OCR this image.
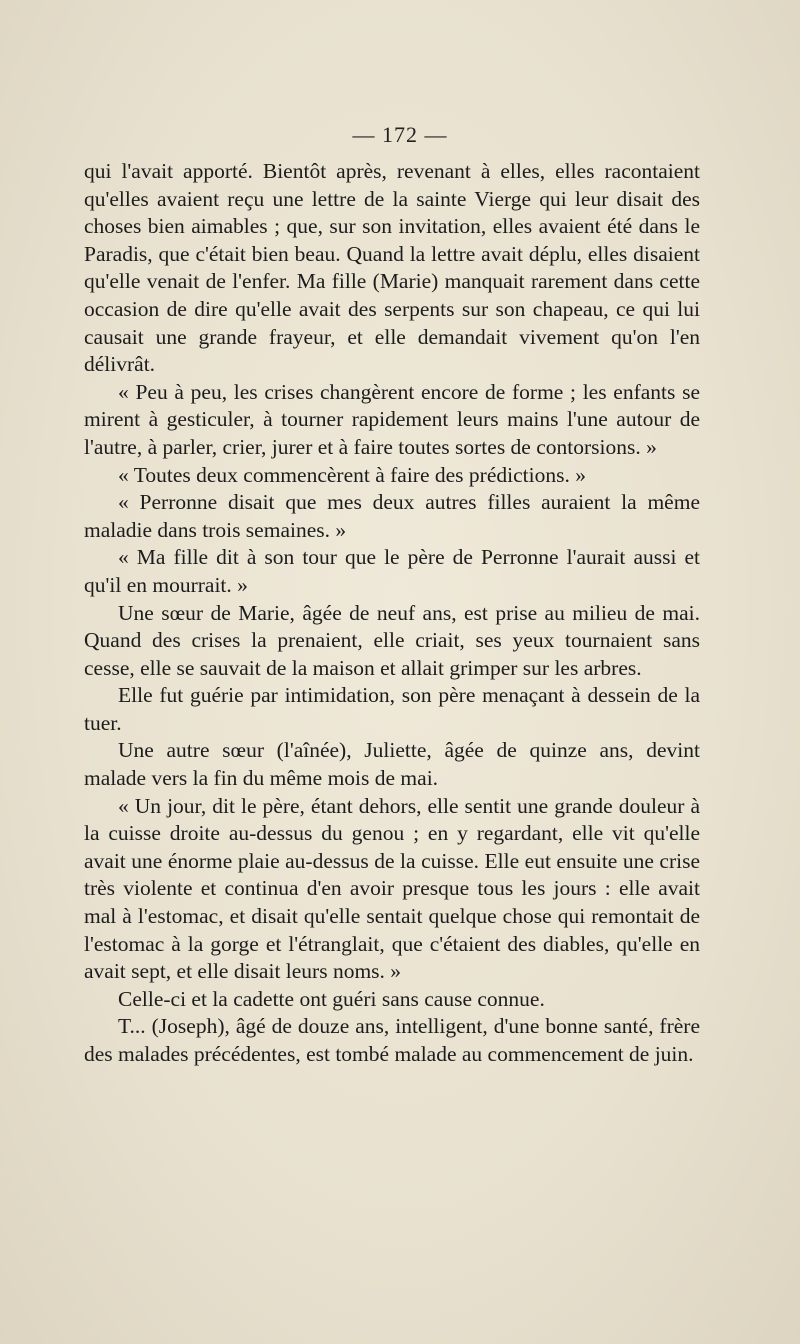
— 172 —

qui l'avait apporté. Bientôt après, revenant à elles, elles racontaient qu'elles avaient reçu une lettre de la sainte Vierge qui leur disait des choses bien aimables ; que, sur son invitation, elles avaient été dans le Paradis, que c'était bien beau. Quand la lettre avait déplu, elles disaient qu'elle venait de l'enfer. Ma fille (Marie) manquait rarement dans cette occasion de dire qu'elle avait des serpents sur son chapeau, ce qui lui causait une grande frayeur, et elle demandait vivement qu'on l'en délivrât.

« Peu à peu, les crises changèrent encore de forme ; les enfants se mirent à gesticuler, à tourner rapidement leurs mains l'une autour de l'autre, à parler, crier, jurer et à faire toutes sortes de contorsions. »

« Toutes deux commencèrent à faire des prédictions. »

« Perronne disait que mes deux autres filles auraient la même maladie dans trois semaines. »

« Ma fille dit à son tour que le père de Perronne l'aurait aussi et qu'il en mourrait. »

Une sœur de Marie, âgée de neuf ans, est prise au milieu de mai. Quand des crises la prenaient, elle criait, ses yeux tournaient sans cesse, elle se sauvait de la maison et allait grimper sur les arbres.

Elle fut guérie par intimidation, son père menaçant à dessein de la tuer.

Une autre sœur (l'aînée), Juliette, âgée de quinze ans, devint malade vers la fin du même mois de mai.

« Un jour, dit le père, étant dehors, elle sentit une grande douleur à la cuisse droite au-dessus du genou ; en y regardant, elle vit qu'elle avait une énorme plaie au-dessus de la cuisse. Elle eut ensuite une crise très violente et continua d'en avoir presque tous les jours : elle avait mal à l'estomac, et disait qu'elle sentait quelque chose qui remontait de l'estomac à la gorge et l'étranglait, que c'étaient des diables, qu'elle en avait sept, et elle disait leurs noms. »

Celle-ci et la cadette ont guéri sans cause connue.

T... (Joseph), âgé de douze ans, intelligent, d'une bonne santé, frère des malades précédentes, est tombé malade au commencement de juin.
